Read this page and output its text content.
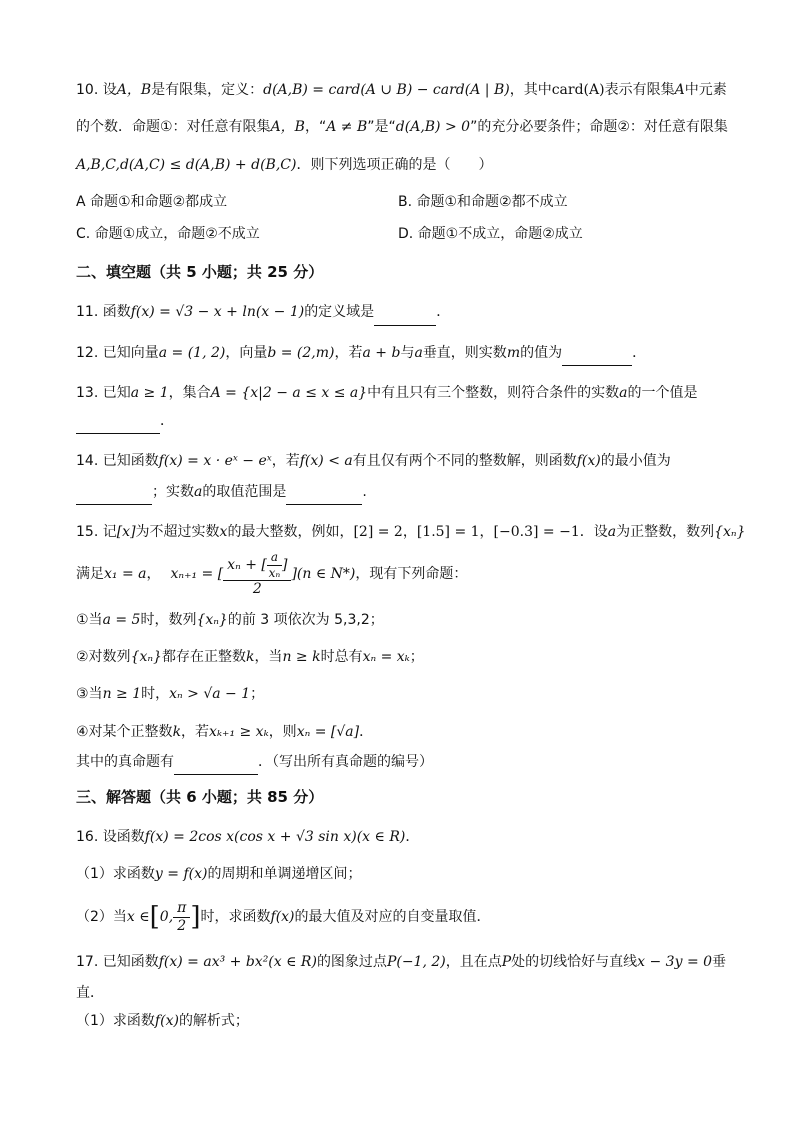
10. 设A，B是有限集，定义：d(A,B) = card(A ∪ B) − card(A | B)，其中card(A)表示有限集A中元素
的个数．命题①：对任意有限集A，B，“A ≠ B”是“d(A,B) > 0”的充分必要条件；命题②：对任意有限集
A,B,C,d(A,C) ≤ d(A,B) + d(B,C)．则下列选项正确的是（　　）
A 命题①和命题②都成立	B. 命题①和命题②都不成立
C. 命题①成立，命题②不成立	D. 命题①不成立，命题②成立
二、填空题（共 5 小题；共 25 分）
11. 函数f(x) = √3 − x + ln(x − 1)的定义域是	．
12. 已知向量a = (1, 2)，向量b = (2,m)，若a + b与a垂直，则实数m的值为	．
13. 已知a ≥ 1，集合A = {x|2 − a ≤ x ≤ a}中有且只有三个整数，则符合条件的实数a的一个值是
．
14. 已知函数f(x) = x · eˣ − eˣ，若f(x) < a有且仅有两个不同的整数解，则函数f(x)的最小值为
；实数a的取值范围是	.
15. 记[x]为不超过实数x的最大整数，例如，[2] = 2，[1.5] = 1，[−0.3] = −1．设a为正整数，数列{xₙ}
满足 x₁ = a ， xₙ₊₁ = [
xₙ + [ $\frac{a}{\text{xₙ}}$ ]
2
](n ∈ N*) ，现有下列命题：
①当a = 5时，数列{xₙ}的前 3 项依次为 5,3,2；
②对数列{xₙ}都存在正整数k，当n ≥ k时总有xₙ = xₖ；
③当n ≥ 1时，xₙ > √a − 1；
④对某个正整数k，若xₖ₊₁ ≥ xₖ，则xₙ = [√a]．
其中的真命题有	．（写出所有真命题的编号）
三、解答题（共 6 小题；共 85 分）
16. 设函数f(x) = 2cos x(cos x + √3 sin x)(x ∈ R)．
（1）求函数y = f(x)的周期和单调递增区间；
（2）当 x ∈ [ 0, $\frac{\pi}{2}$ ] 时，求函数 f(x) 的最大值及对应的自变量取值．
17. 已知函数f(x) = ax³ + bx²(x ∈ R)的图象过点P(−1, 2)，且在点P处的切线恰好与直线x − 3y = 0垂
直．
（1）求函数f(x)的解析式；
